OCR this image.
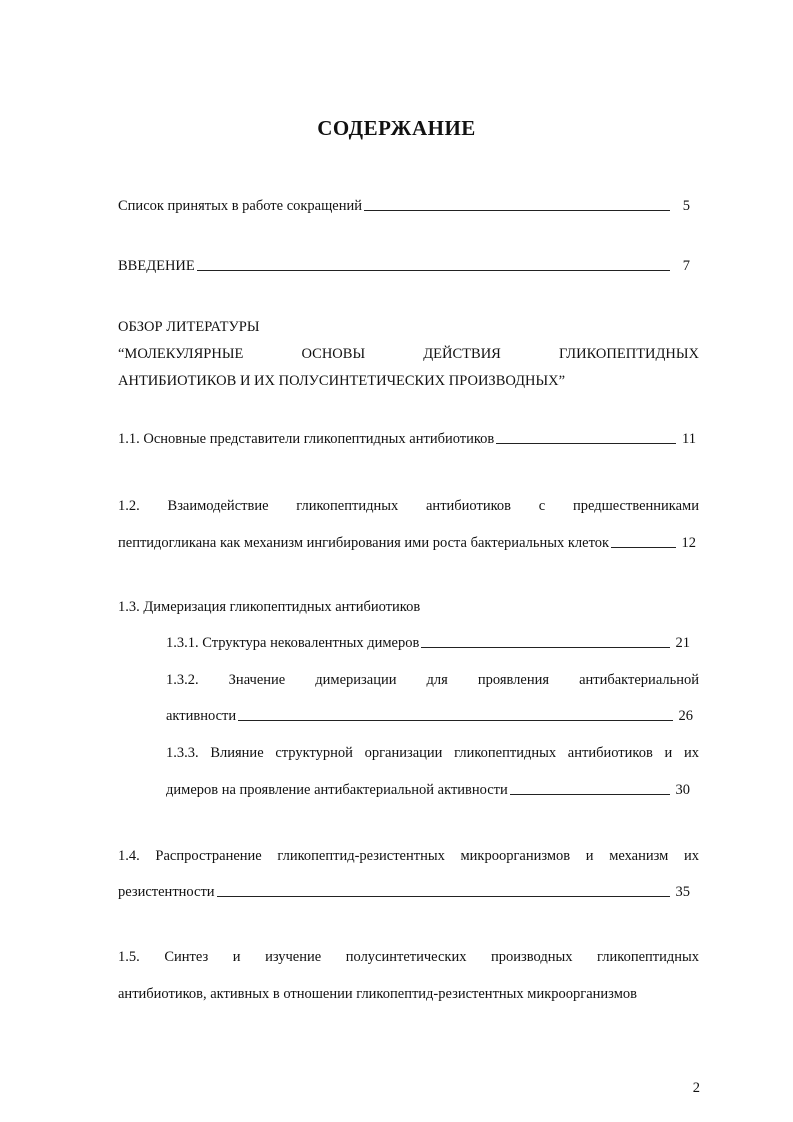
СОДЕРЖАНИЕ
Список принятых в работе сокращений	5
ВВЕДЕНИЕ	7
ОБЗОР ЛИТЕРАТУРЫ
“МОЛЕКУЛЯРНЫЕ ОСНОВЫ ДЕЙСТВИЯ ГЛИКОПЕПТИДНЫХ
АНТИБИОТИКОВ И ИХ ПОЛУСИНТЕТИЧЕСКИХ ПРОИЗВОДНЫХ”
1.1. Основные представители гликопептидных антибиотиков	11
1.2. Взаимодействие гликопептидных антибиотиков с предшественниками
пептидогликана как механизм ингибирования ими роста бактериальных клеток	12
1.3. Димеризация гликопептидных антибиотиков
1.3.1. Структура нековалентных димеров	21
1.3.2. Значение димеризации для проявления антибактериальной
активности	26
1.3.3. Влияние структурной организации гликопептидных антибиотиков и их
димеров на проявление антибактериальной активности	30
1.4. Распространение гликопептид-резистентных микроорганизмов и механизм их
резистентности	35
1.5. Синтез и изучение полусинтетических производных гликопептидных
антибиотиков, активных в отношении гликопептид-резистентных микроорганизмов
2
